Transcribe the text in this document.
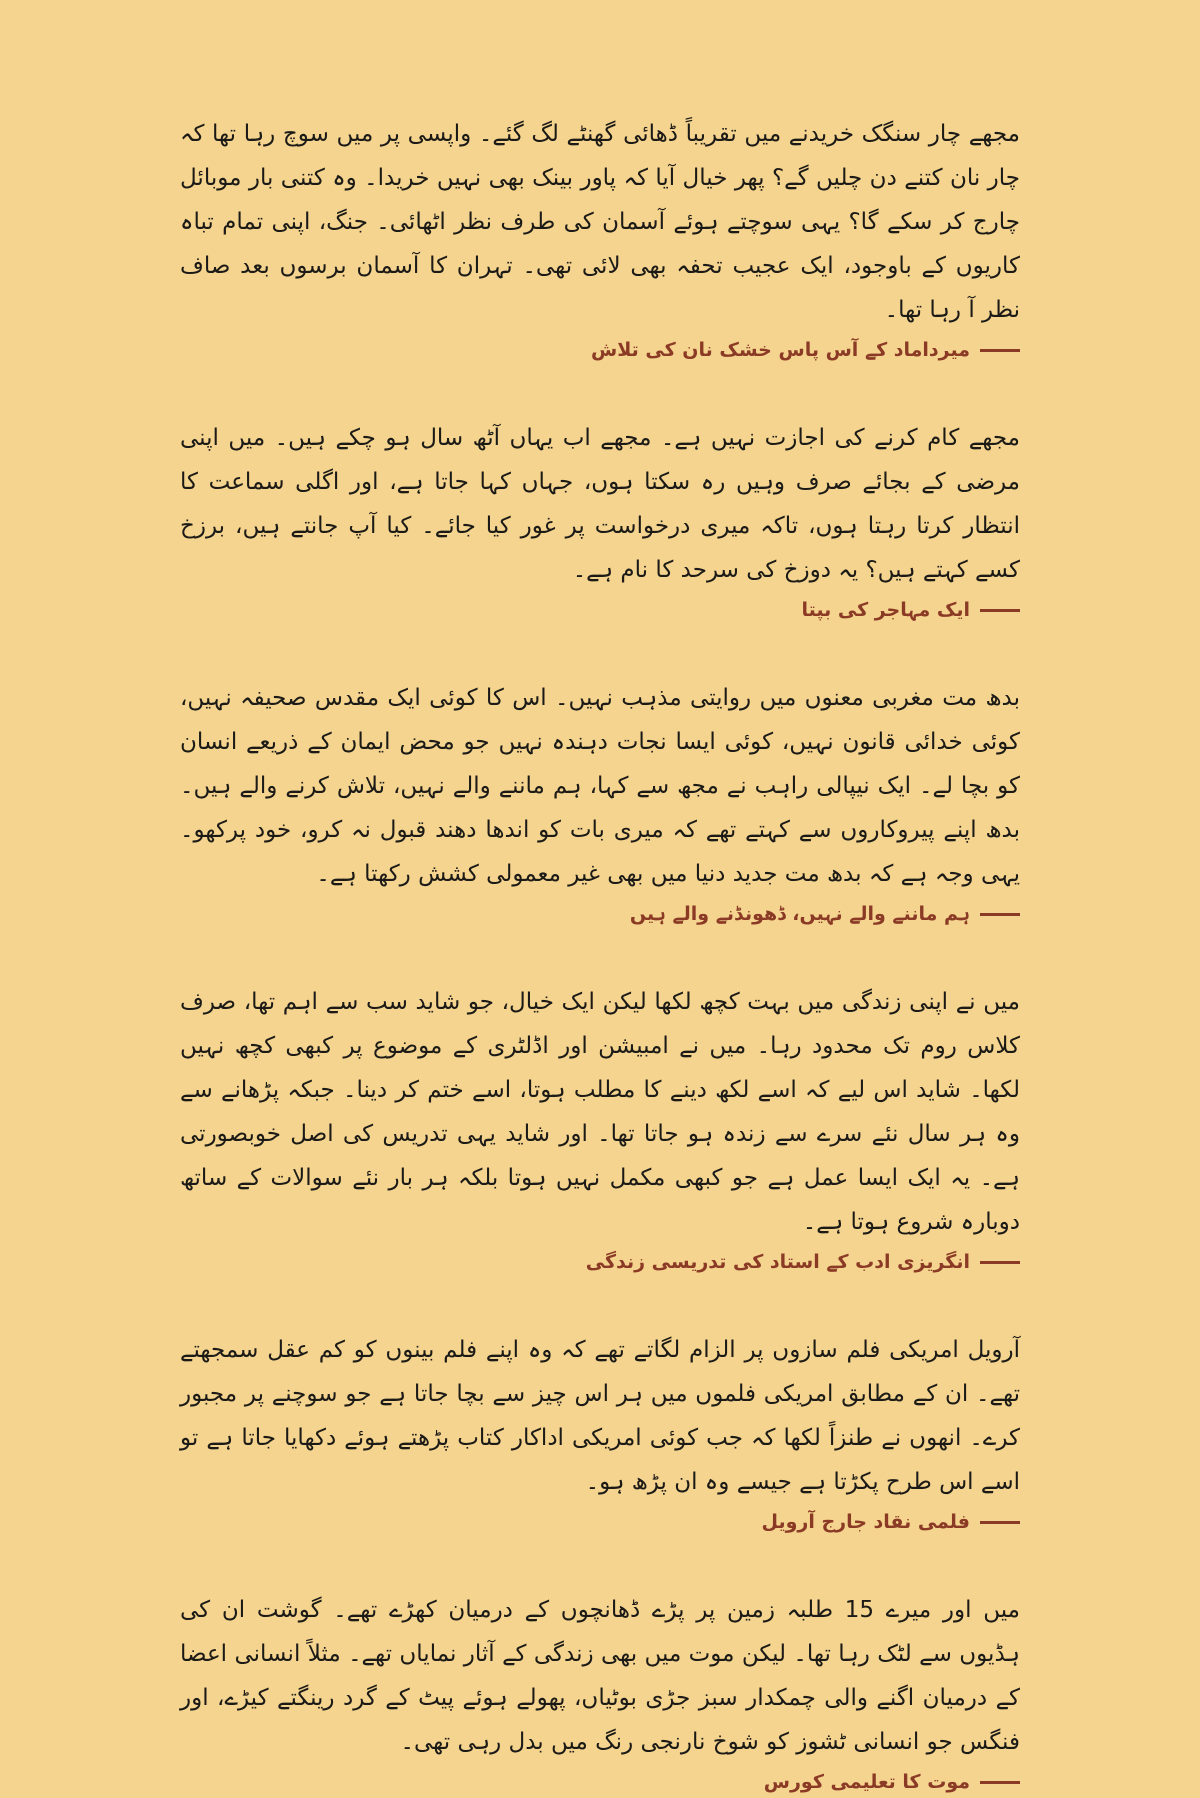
مجھے چار سنگک خریدنے میں تقریباً ڈھائی گھنٹے لگ گئے۔ واپسی پر میں سوچ رہا تھا کہ چار نان کتنے دن چلیں گے؟ پھر خیال آیا کہ پاور بینک بھی نہیں خریدا۔ وہ کتنی بار موبائل چارج کر سکے گا؟ یہی سوچتے ہوئے آسمان کی طرف نظر اٹھائی۔ جنگ، اپنی تمام تباہ کاریوں کے باوجود، ایک عجیب تحفہ بھی لائی تھی۔ تہران کا آسمان برسوں بعد صاف نظر آ رہا تھا۔

میرداماد کے آس پاس خشک نان کی تلاش

مجھے کام کرنے کی اجازت نہیں ہے۔ مجھے اب یہاں آٹھ سال ہو چکے ہیں۔ میں اپنی مرضی کے بجائے صرف وہیں رہ سکتا ہوں، جہاں کہا جاتا ہے، اور اگلی سماعت کا انتظار کرتا رہتا ہوں، تاکہ میری درخواست پر غور کیا جائے۔ کیا آپ جانتے ہیں، برزخ کسے کہتے ہیں؟ یہ دوزخ کی سرحد کا نام ہے۔

ایک مہاجر کی بپتا

بدھ مت مغربی معنوں میں روایتی مذہب نہیں۔ اس کا کوئی ایک مقدس صحیفہ نہیں، کوئی خدائی قانون نہیں، کوئی ایسا نجات دہندہ نہیں جو محض ایمان کے ذریعے انسان کو بچا لے۔ ایک نیپالی راہب نے مجھ سے کہا، ہم ماننے والے نہیں، تلاش کرنے والے ہیں۔ بدھ اپنے پیروکاروں سے کہتے تھے کہ میری بات کو اندھا دھند قبول نہ کرو، خود پرکھو۔ یہی وجہ ہے کہ بدھ مت جدید دنیا میں بھی غیر معمولی کشش رکھتا ہے۔

ہم ماننے والے نہیں، ڈھونڈنے والے ہیں

میں نے اپنی زندگی میں بہت کچھ لکھا لیکن ایک خیال، جو شاید سب سے اہم تھا، صرف کلاس روم تک محدود رہا۔ میں نے امبیشن اور اڈلٹری کے موضوع پر کبھی کچھ نہیں لکھا۔ شاید اس لیے کہ اسے لکھ دینے کا مطلب ہوتا، اسے ختم کر دینا۔ جبکہ پڑھانے سے وہ ہر سال نئے سرے سے زندہ ہو جاتا تھا۔ اور شاید یہی تدریس کی اصل خوبصورتی ہے۔ یہ ایک ایسا عمل ہے جو کبھی مکمل نہیں ہوتا بلکہ ہر بار نئے سوالات کے ساتھ دوبارہ شروع ہوتا ہے۔

انگریزی ادب کے استاد کی تدریسی زندگی

آرویل امریکی فلم سازوں پر الزام لگاتے تھے کہ وہ اپنے فلم بینوں کو کم عقل سمجھتے تھے۔ ان کے مطابق امریکی فلموں میں ہر اس چیز سے بچا جاتا ہے جو سوچنے پر مجبور کرے۔ انھوں نے طنزاً لکھا کہ جب کوئی امریکی اداکار کتاب پڑھتے ہوئے دکھایا جاتا ہے تو اسے اس طرح پکڑتا ہے جیسے وہ ان پڑھ ہو۔

فلمی نقاد جارج آرویل

میں اور میرے 15 طلبہ زمین پر پڑے ڈھانچوں کے درمیان کھڑے تھے۔ گوشت ان کی ہڈیوں سے لٹک رہا تھا۔ لیکن موت میں بھی زندگی کے آثار نمایاں تھے۔ مثلاً انسانی اعضا کے درمیان اگنے والی چمکدار سبز جڑی بوٹیاں، پھولے ہوئے پیٹ کے گرد رینگتے کیڑے، اور فنگس جو انسانی ٹشوز کو شوخ نارنجی رنگ میں بدل رہی تھی۔

موت کا تعلیمی کورس
